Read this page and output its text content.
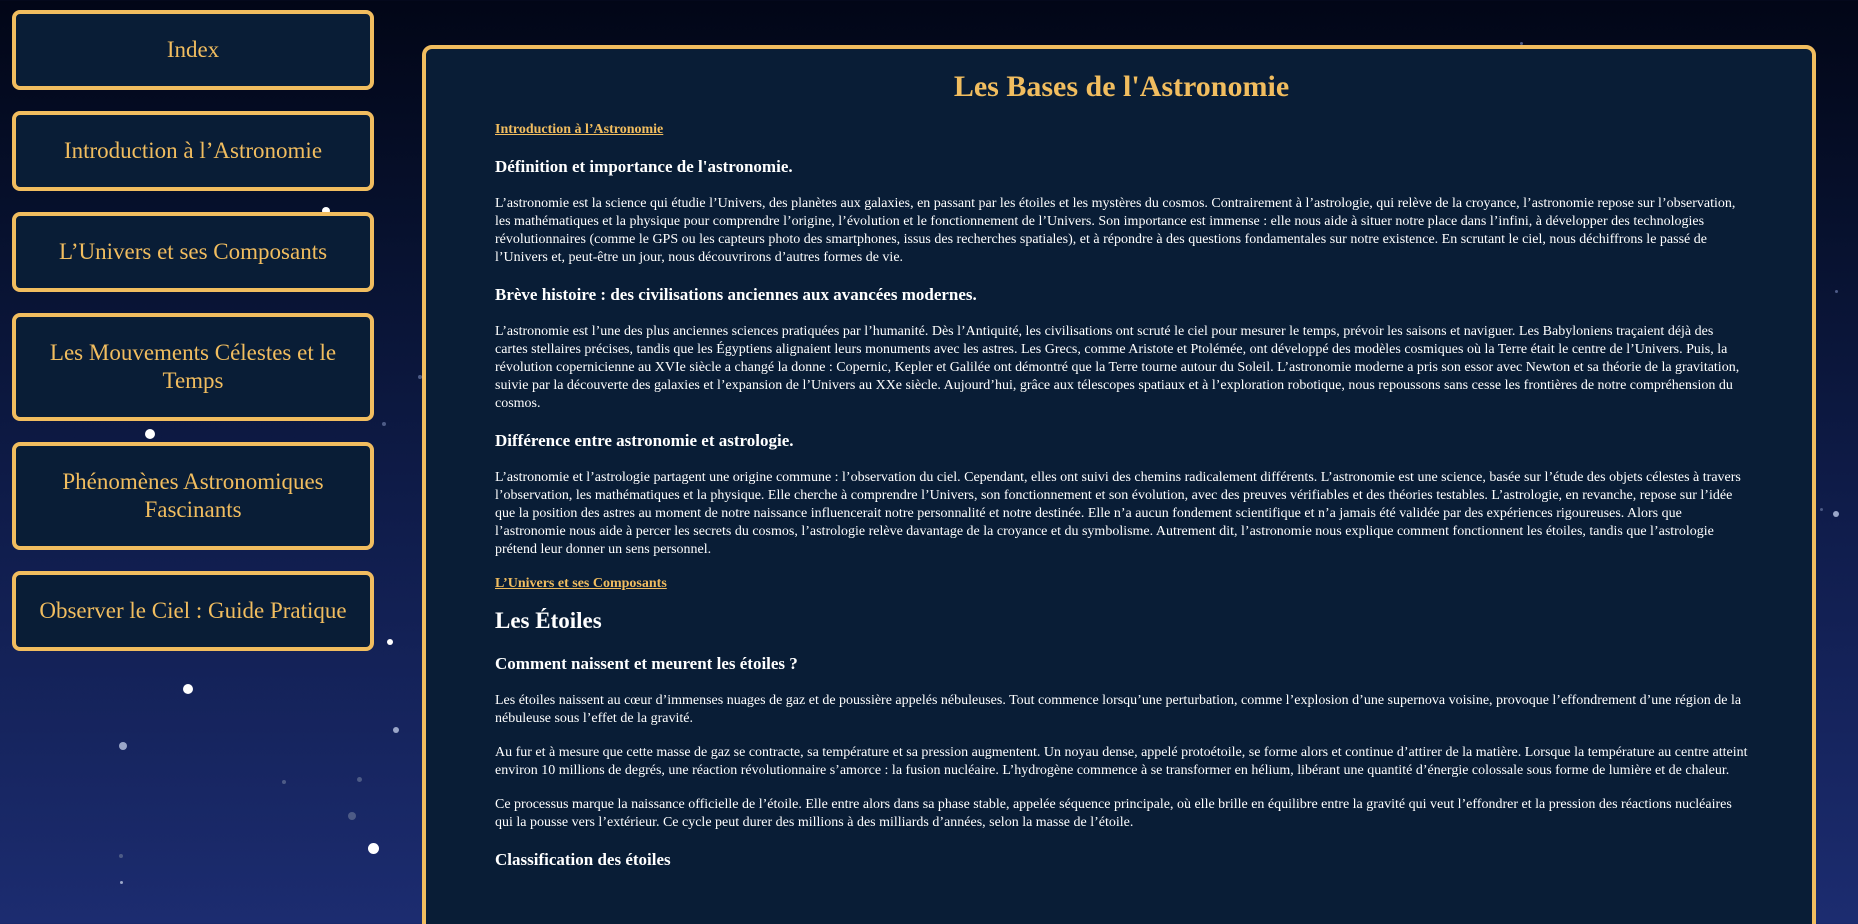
Index
Introduction à l’Astronomie
L’Univers et ses Composants
Les Mouvements Célestes et le Temps
Phénomènes Astronomiques Fascinants
Observer le Ciel : Guide Pratique
Les Bases de l'Astronomie
Introduction à l’Astronomie
Définition et importance de l'astronomie.

L’astronomie est la science qui étudie l’Univers, des planètes aux galaxies, en passant par les étoiles et les mystères du cosmos. Contrairement à l’astrologie, qui relève de la croyance, l’astronomie repose sur l’observation, les mathématiques et la physique pour comprendre l’origine, l’évolution et le fonctionnement de l’Univers. Son importance est immense : elle nous aide à situer notre place dans l’infini, à développer des technologies révolutionnaires (comme le GPS ou les capteurs photo des smartphones, issus des recherches spatiales), et à répondre à des questions fondamentales sur notre existence. En scrutant le ciel, nous déchiffrons le passé de l’Univers et, peut-être un jour, nous découvrirons d’autres formes de vie.

Brève histoire : des civilisations anciennes aux avancées modernes.

L’astronomie est l’une des plus anciennes sciences pratiquées par l’humanité. Dès l’Antiquité, les civilisations ont scruté le ciel pour mesurer le temps, prévoir les saisons et naviguer. Les Babyloniens traçaient déjà des cartes stellaires précises, tandis que les Égyptiens alignaient leurs monuments avec les astres. Les Grecs, comme Aristote et Ptolémée, ont développé des modèles cosmiques où la Terre était le centre de l’Univers. Puis, la révolution copernicienne au XVIe siècle a changé la donne : Copernic, Kepler et Galilée ont démontré que la Terre tourne autour du Soleil. L’astronomie moderne a pris son essor avec Newton et sa théorie de la gravitation, suivie par la découverte des galaxies et l’expansion de l’Univers au XXe siècle. Aujourd’hui, grâce aux télescopes spatiaux et à l’exploration robotique, nous repoussons sans cesse les frontières de notre compréhension du cosmos.

Différence entre astronomie et astrologie.

L’astronomie et l’astrologie partagent une origine commune : l’observation du ciel. Cependant, elles ont suivi des chemins radicalement différents. L’astronomie est une science, basée sur l’étude des objets célestes à travers l’observation, les mathématiques et la physique. Elle cherche à comprendre l’Univers, son fonctionnement et son évolution, avec des preuves vérifiables et des théories testables. L’astrologie, en revanche, repose sur l’idée que la position des astres au moment de notre naissance influencerait notre personnalité et notre destinée. Elle n’a aucun fondement scientifique et n’a jamais été validée par des expériences rigoureuses. Alors que l’astronomie nous aide à percer les secrets du cosmos, l’astrologie relève davantage de la croyance et du symbolisme. Autrement dit, l’astronomie nous explique comment fonctionnent les étoiles, tandis que l’astrologie prétend leur donner un sens personnel.

L’Univers et ses Composants
Les Étoiles
Comment naissent et meurent les étoiles ?

Les étoiles naissent au cœur d’immenses nuages de gaz et de poussière appelés nébuleuses. Tout commence lorsqu’une perturbation, comme l’explosion d’une supernova voisine, provoque l’effondrement d’une région de la nébuleuse sous l’effet de la gravité.

Au fur et à mesure que cette masse de gaz se contracte, sa température et sa pression augmentent. Un noyau dense, appelé protoétoile, se forme alors et continue d’attirer de la matière. Lorsque la température au centre atteint environ 10 millions de degrés, une réaction révolutionnaire s’amorce : la fusion nucléaire. L’hydrogène commence à se transformer en hélium, libérant une quantité d’énergie colossale sous forme de lumière et de chaleur.

Ce processus marque la naissance officielle de l’étoile. Elle entre alors dans sa phase stable, appelée séquence principale, où elle brille en équilibre entre la gravité qui veut l’effondrer et la pression des réactions nucléaires qui la pousse vers l’extérieur. Ce cycle peut durer des millions à des milliards d’années, selon la masse de l’étoile.

Classification des étoiles
